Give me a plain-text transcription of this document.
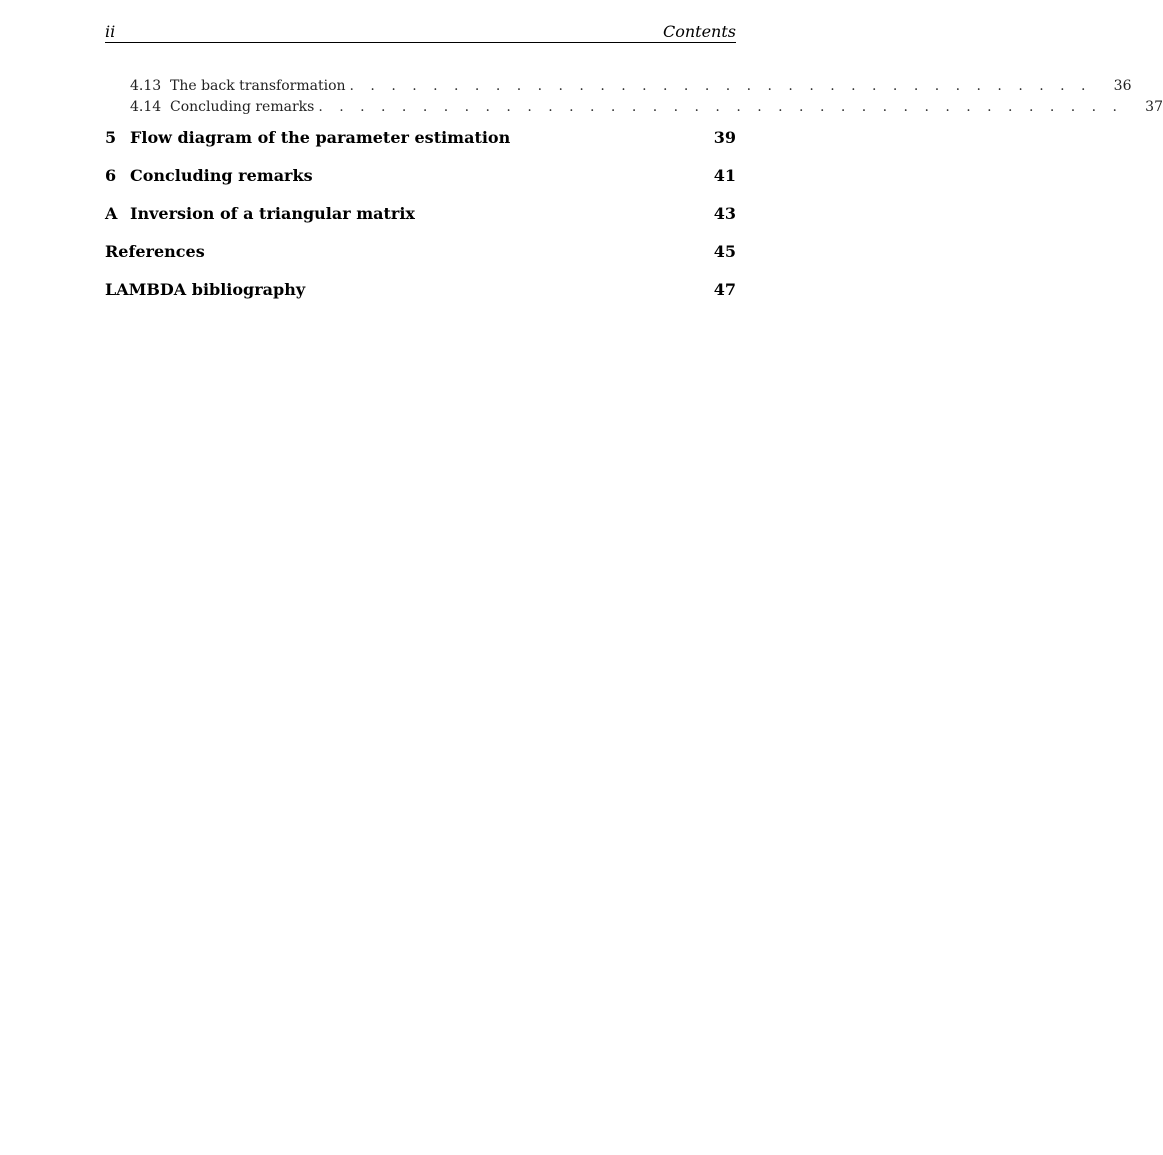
ii	Contents
4.13 The back transformation . . . . . . . . . . . . . . . . . . . . . . . . . . . . . . . . . . . .	36
4.14 Concluding remarks . . . . . . . . . . . . . . . . . . . . . . . . . . . . . . . . . . . . . . .	37
5 Flow diagram of the parameter estimation	39
6 Concluding remarks	41
A Inversion of a triangular matrix	43
References	45
LAMBDA bibliography	47
